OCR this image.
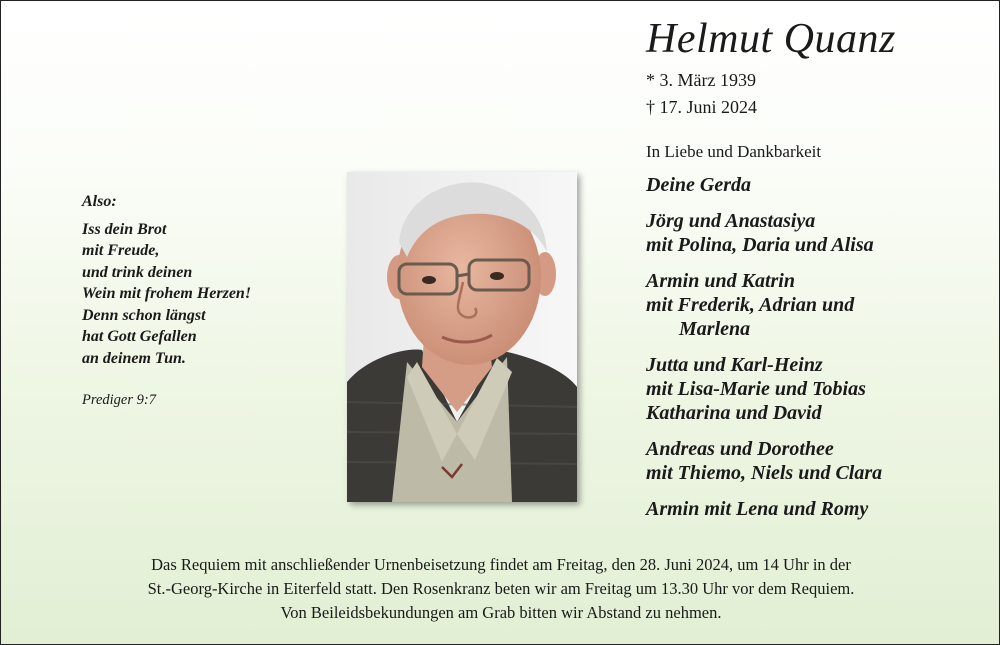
Helmut Quanz
* 3. März 1939
† 17. Juni 2024
In Liebe und Dankbarkeit
Deine Gerda
Jörg und Anastasiya
mit Polina, Daria und Alisa
Armin und Katrin
mit Frederik, Adrian und
Marlena
Jutta und Karl-Heinz
mit Lisa-Marie und Tobias
Katharina und David
Andreas und Dorothee
mit Thiemo, Niels und Clara
Armin mit Lena und Romy
Also:
Iss dein Brot
mit Freude,
und trink deinen
Wein mit frohem Herzen!
Denn schon längst
hat Gott Gefallen
an deinem Tun.
Prediger 9:7
Das Requiem mit anschließender Urnenbeisetzung findet am Freitag, den 28. Juni 2024, um 14 Uhr in der
St.-Georg-Kirche in Eiterfeld statt. Den Rosenkranz beten wir am Freitag um 13.30 Uhr vor dem Requiem.
Von Beileidsbekundungen am Grab bitten wir Abstand zu nehmen.
